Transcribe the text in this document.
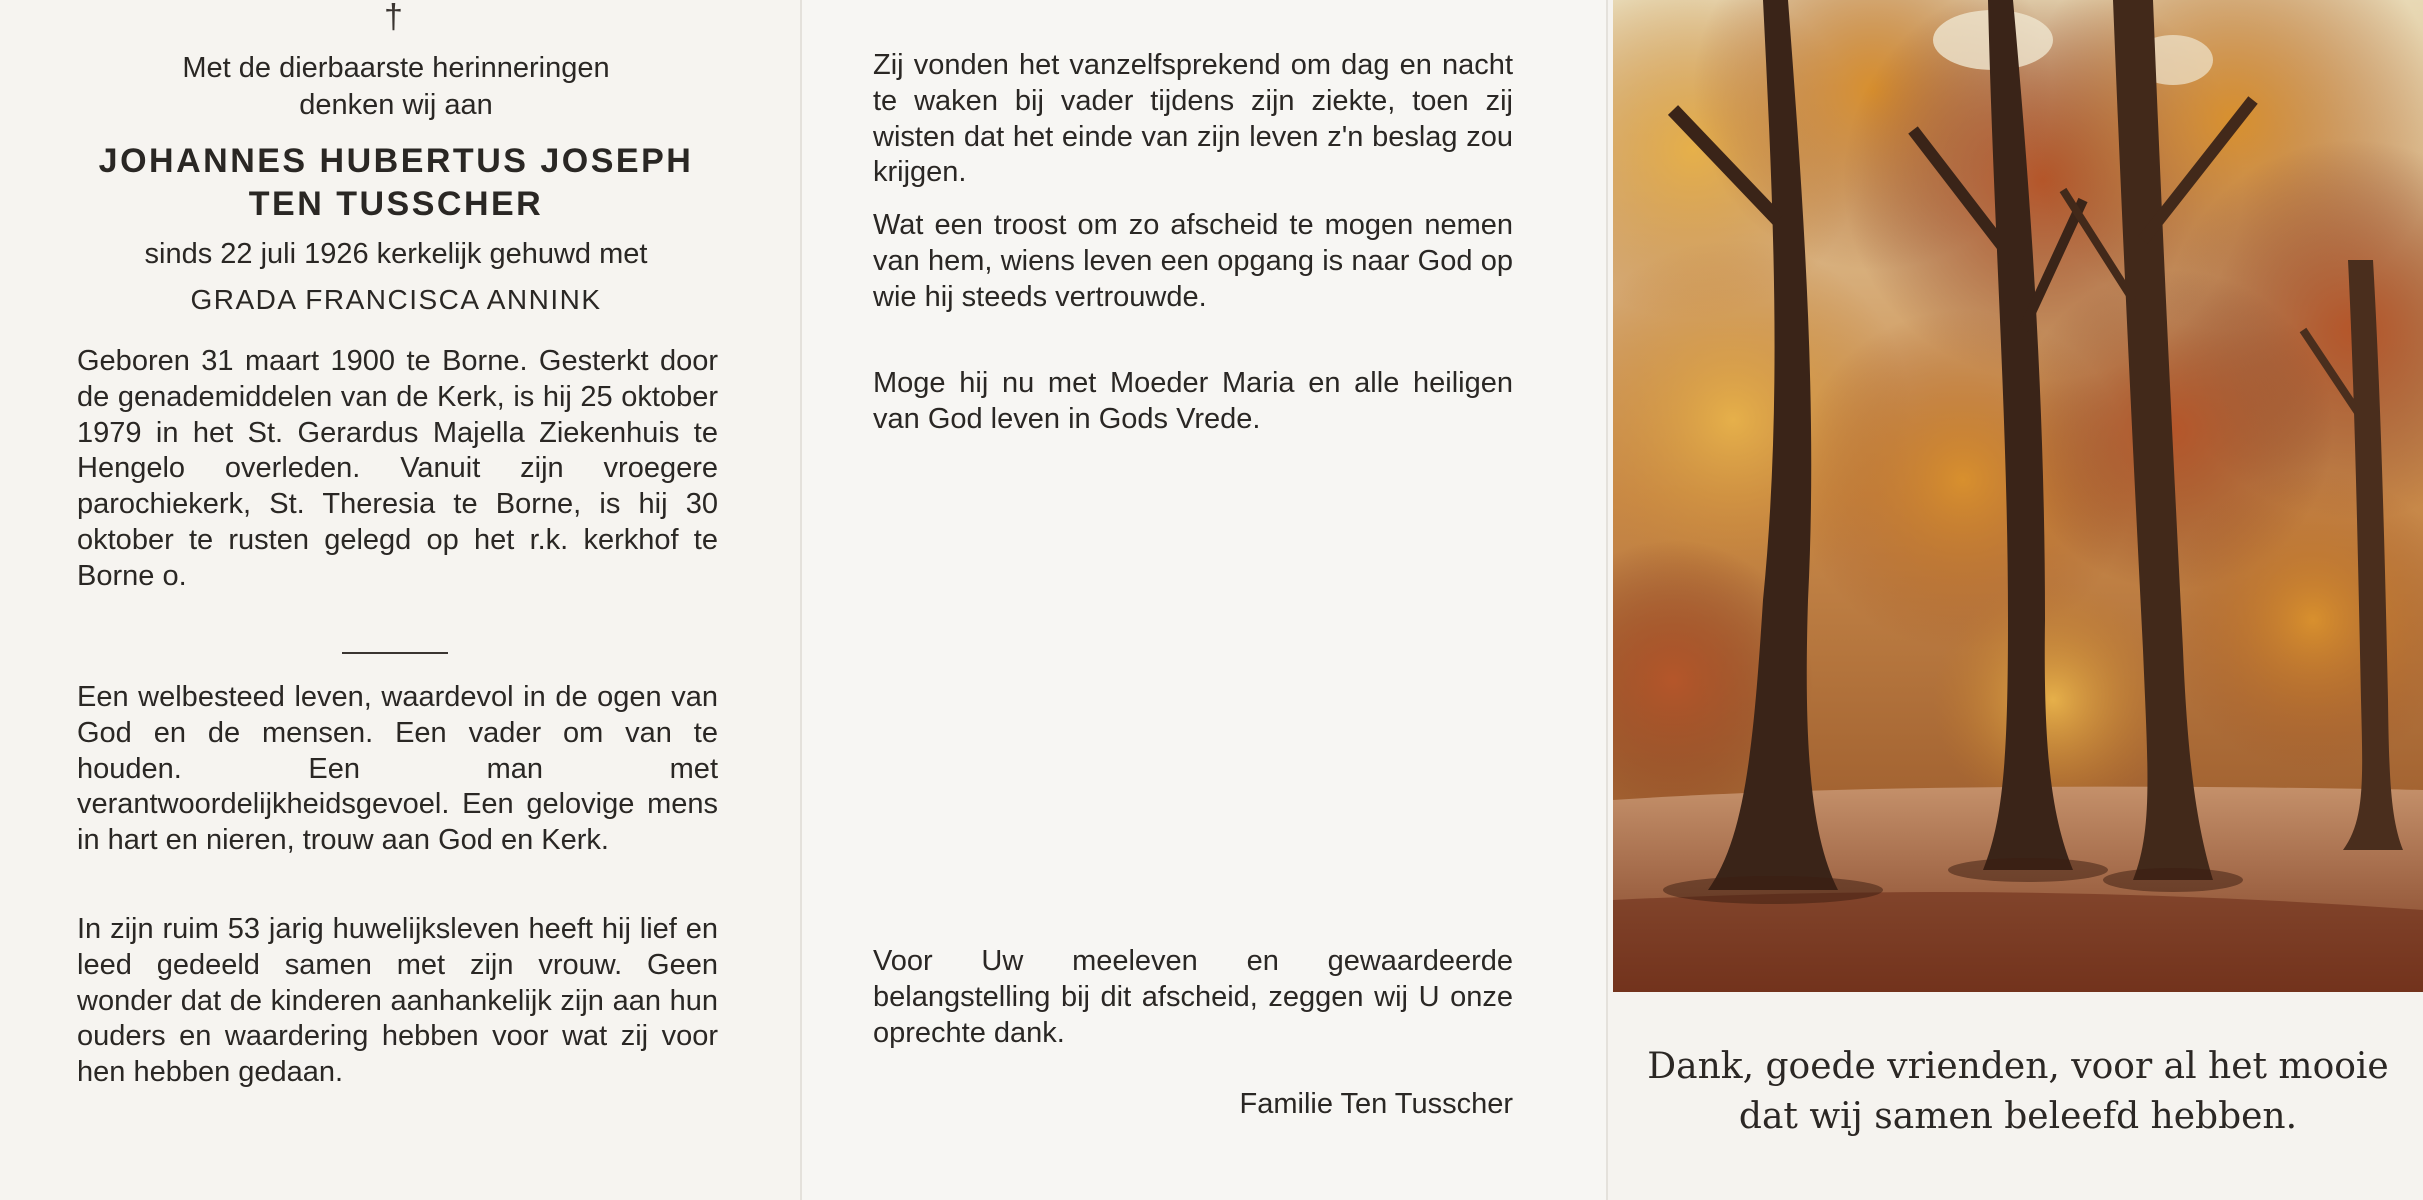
†
Met de dierbaarste herinneringen
denken wij aan
JOHANNES HUBERTUS JOSEPH
TEN TUSSCHER
sinds 22 juli 1926 kerkelijk gehuwd met
GRADA FRANCISCA ANNINK
Geboren 31 maart 1900 te Borne. Gesterkt door de genademiddelen van de Kerk, is hij 25 oktober 1979 in het St. Gerardus Majella Ziekenhuis te Hengelo overleden. Vanuit zijn vroegere parochiekerk, St. Theresia te Borne, is hij 30 oktober te rusten gelegd op het r.k. kerkhof te Borne o.
Een welbesteed leven, waardevol in de ogen van God en de mensen. Een vader om van te houden. Een man met verantwoordelijkheidsgevoel. Een gelovige mens in hart en nieren, trouw aan God en Kerk.
In zijn ruim 53 jarig huwelijksleven heeft hij lief en leed gedeeld samen met zijn vrouw. Geen wonder dat de kinderen aanhankelijk zijn aan hun ouders en waardering hebben voor wat zij voor hen hebben gedaan.
Zij vonden het vanzelfsprekend om dag en nacht te waken bij vader tijdens zijn ziekte, toen zij wisten dat het einde van zijn leven z'n beslag zou krijgen.
Wat een troost om zo afscheid te mogen nemen van hem, wiens leven een opgang is naar God op wie hij steeds vertrouwde.
Moge hij nu met Moeder Maria en alle heiligen van God leven in Gods Vrede.
Voor Uw meeleven en gewaardeerde belangstelling bij dit afscheid, zeggen wij U onze oprechte dank.
Familie Ten Tusscher
Dank, goede vrienden, voor al het mooie
dat wij samen beleefd hebben.
